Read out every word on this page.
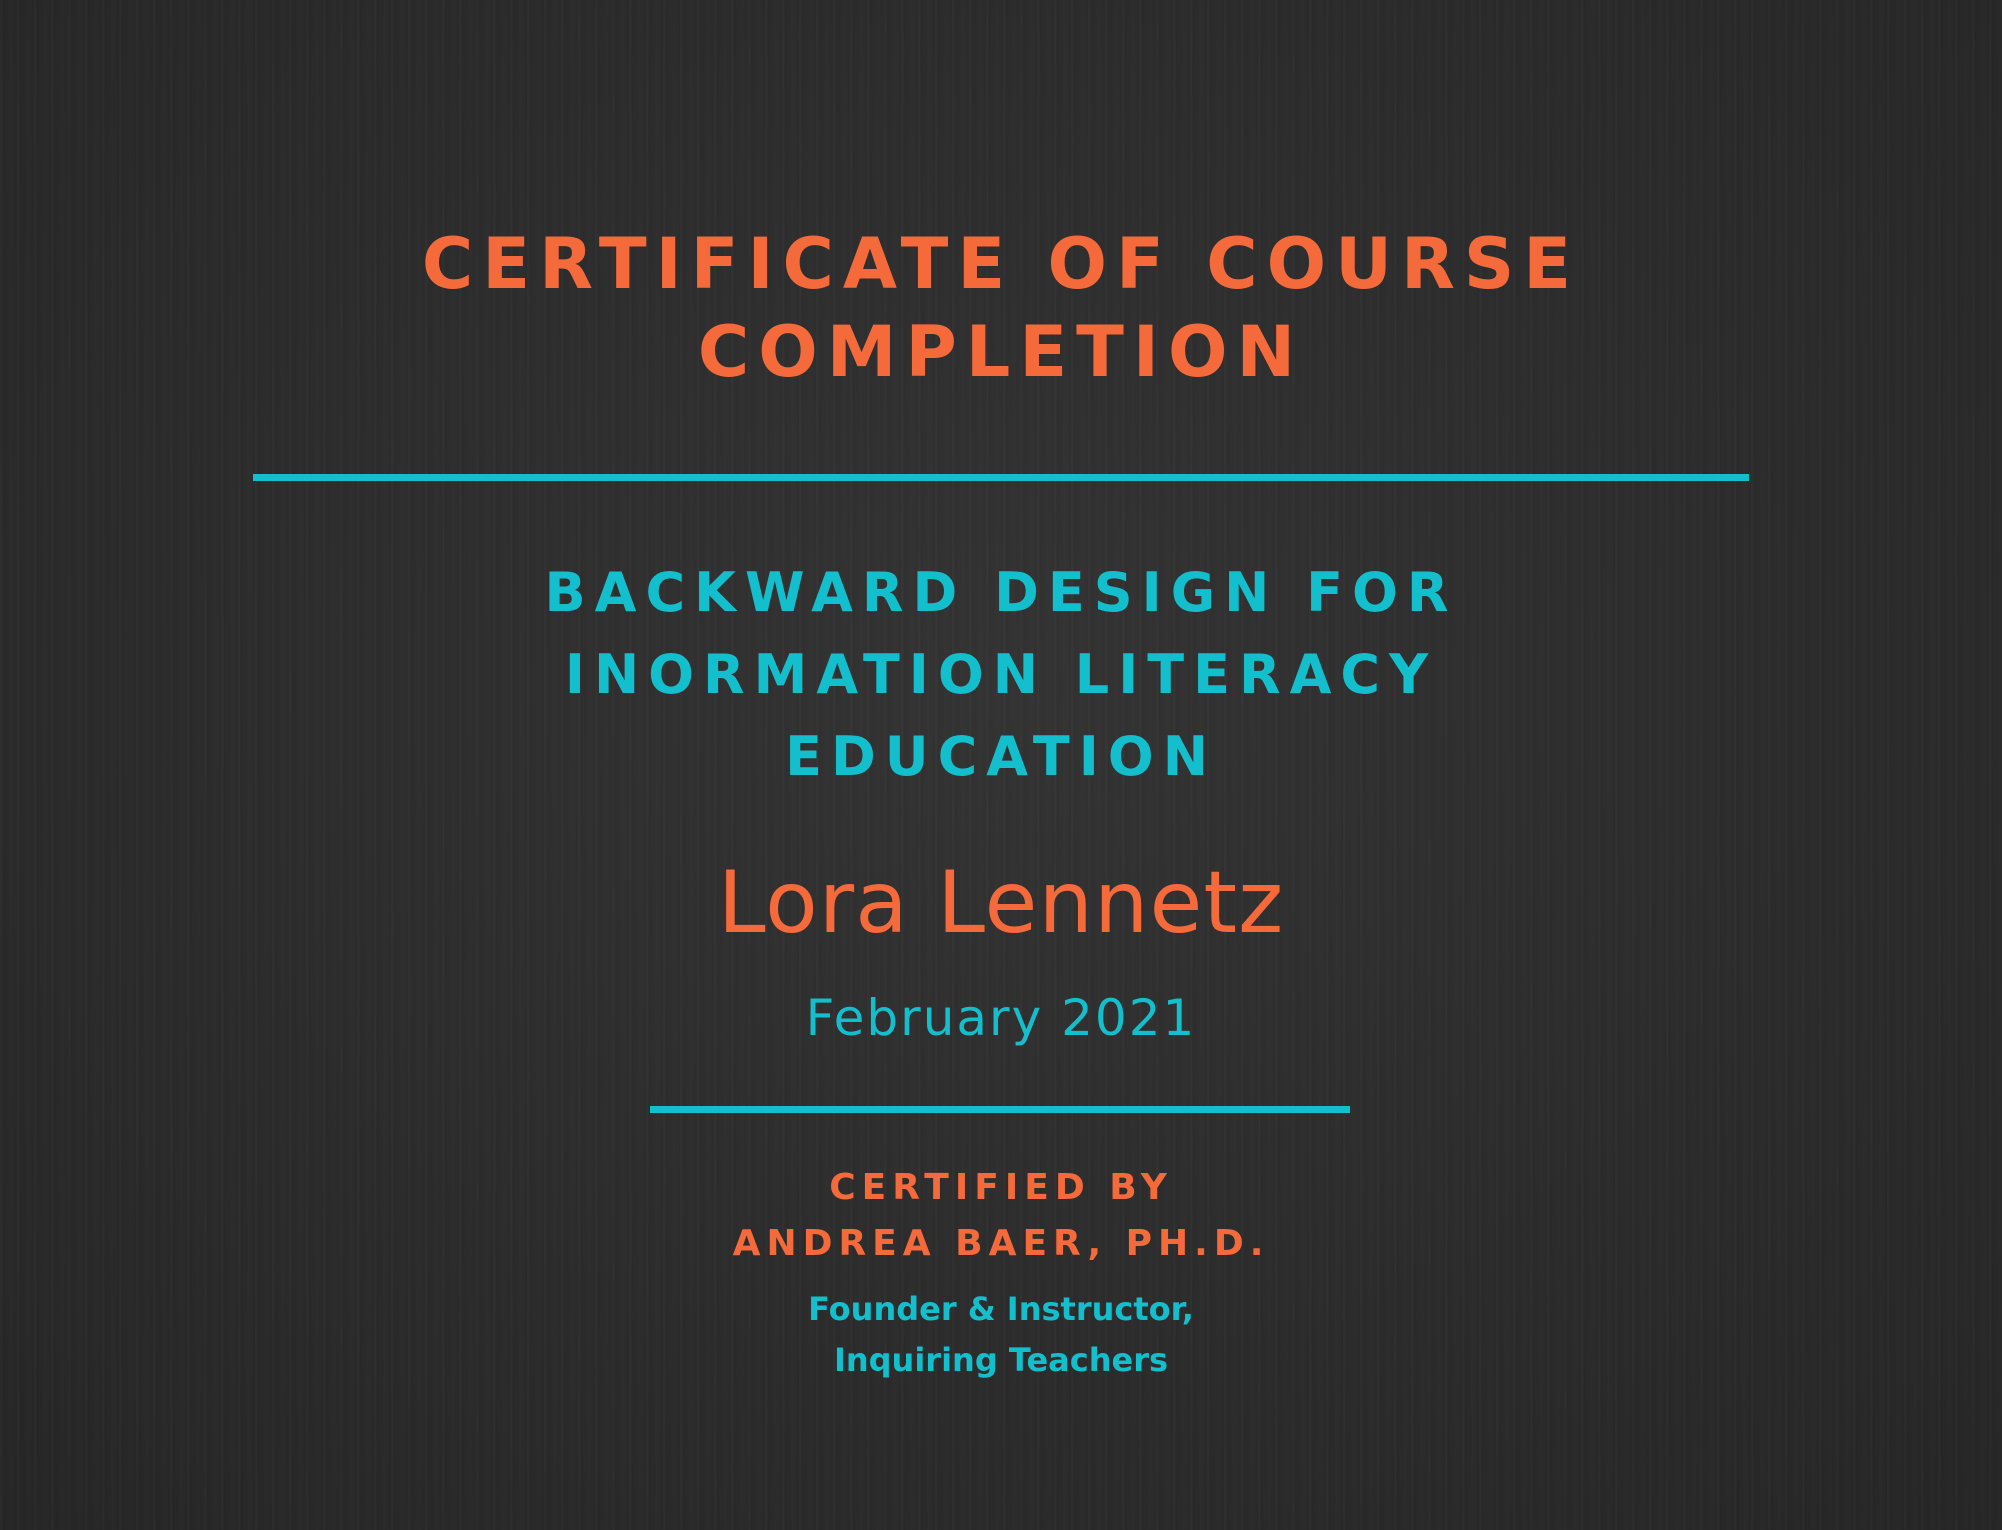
CERTIFICATE OF COURSE
COMPLETION
BACKWARD DESIGN FOR
INORMATION LITERACY
EDUCATION
Lora Lennetz
February 2021
CERTIFIED BY
ANDREA BAER, PH.D.
Founder & Instructor,
Inquiring Teachers
